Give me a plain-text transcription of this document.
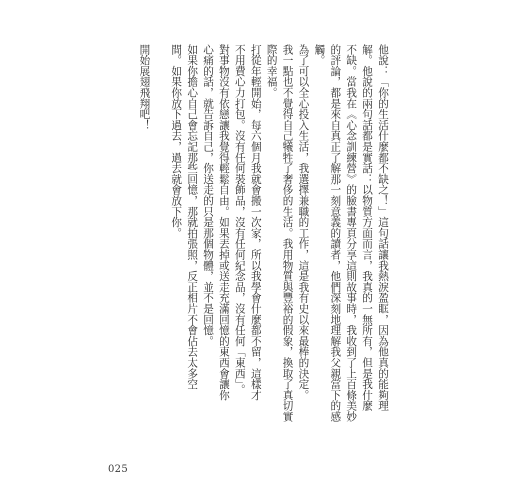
他說：「你的生活什麼都不缺之！」這句話讓我熱淚盈眶，因為他真的能夠理
解。他說的兩句話都是實話：以物質方面而言，我真的一無所有，但是我什麼
不缺。當我在《心念訓練營》的臉書專頁分享這則故事時，我收到了上百條美妙
的評論，都是來自真正了解那一刻意義的讀者，他們深刻地理解我父親當下的感
觸。
為了可以全心投入生活，我選擇兼職的工作，這是我有史以來最棒的決定。
我一點也不覺得自己犧牲了奢侈的生活。我用物質與豐裕的假象，換取了真切實
際的幸福。
打從年輕開始，每六個月我就會搬一次家，所以我學會什麼都不留，這樣才
不用費心力打包。沒有任何裝飾品，沒有任何紀念品，沒有任何「東西」。
對事物沒有依戀讓我覺得輕鬆自由。如果丟掉或送走充滿回憶的東西會讓你
心痛的話，就告訴自己，你送走的只是那個物體，並不是回憶。
如果你擔心自己會忘記那些回憶，那就拍張照，反正相片不會佔去太多空
間。如果你放下過去，過去就會放下你。

開始展翅飛翔吧！
025
